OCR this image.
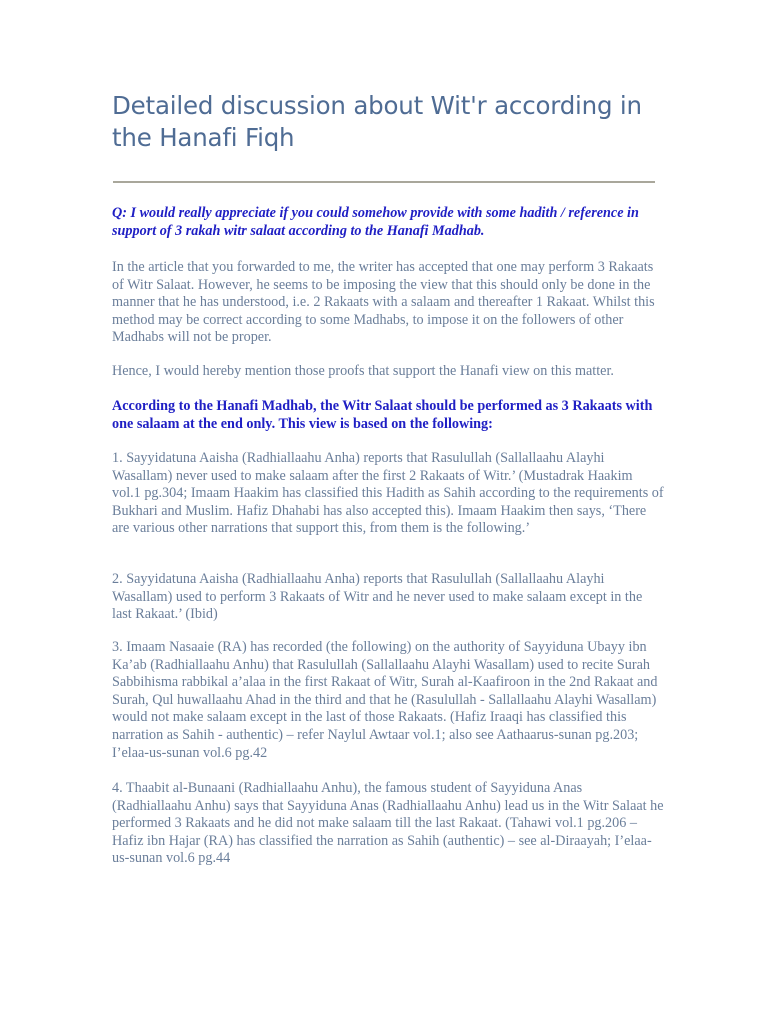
Detailed discussion about Wit'r according in the Hanafi Fiqh

Q: I would really appreciate if you could somehow provide with some hadith / reference in support of 3 rakah witr salaat according to the Hanafi Madhab.

In the article that you forwarded to me, the writer has accepted that one may perform 3 Rakaats of Witr Salaat. However, he seems to be imposing the view that this should only be done in the manner that he has understood, i.e. 2 Rakaats with a salaam and thereafter 1 Rakaat. Whilst this method may be correct according to some Madhabs, to impose it on the followers of other Madhabs will not be proper.

Hence, I would hereby mention those proofs that support the Hanafi view on this matter.

According to the Hanafi Madhab, the Witr Salaat should be performed as 3 Rakaats with one salaam at the end only. This view is based on the following:

1. Sayyidatuna Aaisha (Radhiallaahu Anha) reports that Rasulullah (Sallallaahu Alayhi Wasallam) never used to make salaam after the first 2 Rakaats of Witr.’ (Mustadrak Haakim vol.1 pg.304; Imaam Haakim has classified this Hadith as Sahih according to the requirements of Bukhari and Muslim. Hafiz Dhahabi has also accepted this). Imaam Haakim then says, ‘There are various other narrations that support this, from them is the following.’

2. Sayyidatuna Aaisha (Radhiallaahu Anha) reports that Rasulullah (Sallallaahu Alayhi Wasallam) used to perform 3 Rakaats of Witr and he never used to make salaam except in the last Rakaat.’ (Ibid)

3. Imaam Nasaaie (RA) has recorded (the following) on the authority of Sayyiduna Ubayy ibn Ka’ab (Radhiallaahu Anhu) that Rasulullah (Sallallaahu Alayhi Wasallam) used to recite Surah Sabbihisma rabbikal a’alaa in the first Rakaat of Witr, Surah al-Kaafiroon in the 2nd Rakaat and Surah, Qul huwallaahu Ahad in the third and that he (Rasulullah - Sallallaahu Alayhi Wasallam) would not make salaam except in the last of those Rakaats. (Hafiz Iraaqi has classified this narration as Sahih - authentic) – refer Naylul Awtaar vol.1; also see Aathaarus-sunan pg.203; I’elaa-us-sunan vol.6 pg.42

4. Thaabit al-Bunaani (Radhiallaahu Anhu), the famous student of Sayyiduna Anas (Radhiallaahu Anhu) says that Sayyiduna Anas (Radhiallaahu Anhu) lead us in the Witr Salaat he performed 3 Rakaats and he did not make salaam till the last Rakaat. (Tahawi vol.1 pg.206 – Hafiz ibn Hajar (RA) has classified the narration as Sahih (authentic) – see al-Diraayah; I’elaa-us-sunan vol.6 pg.44
